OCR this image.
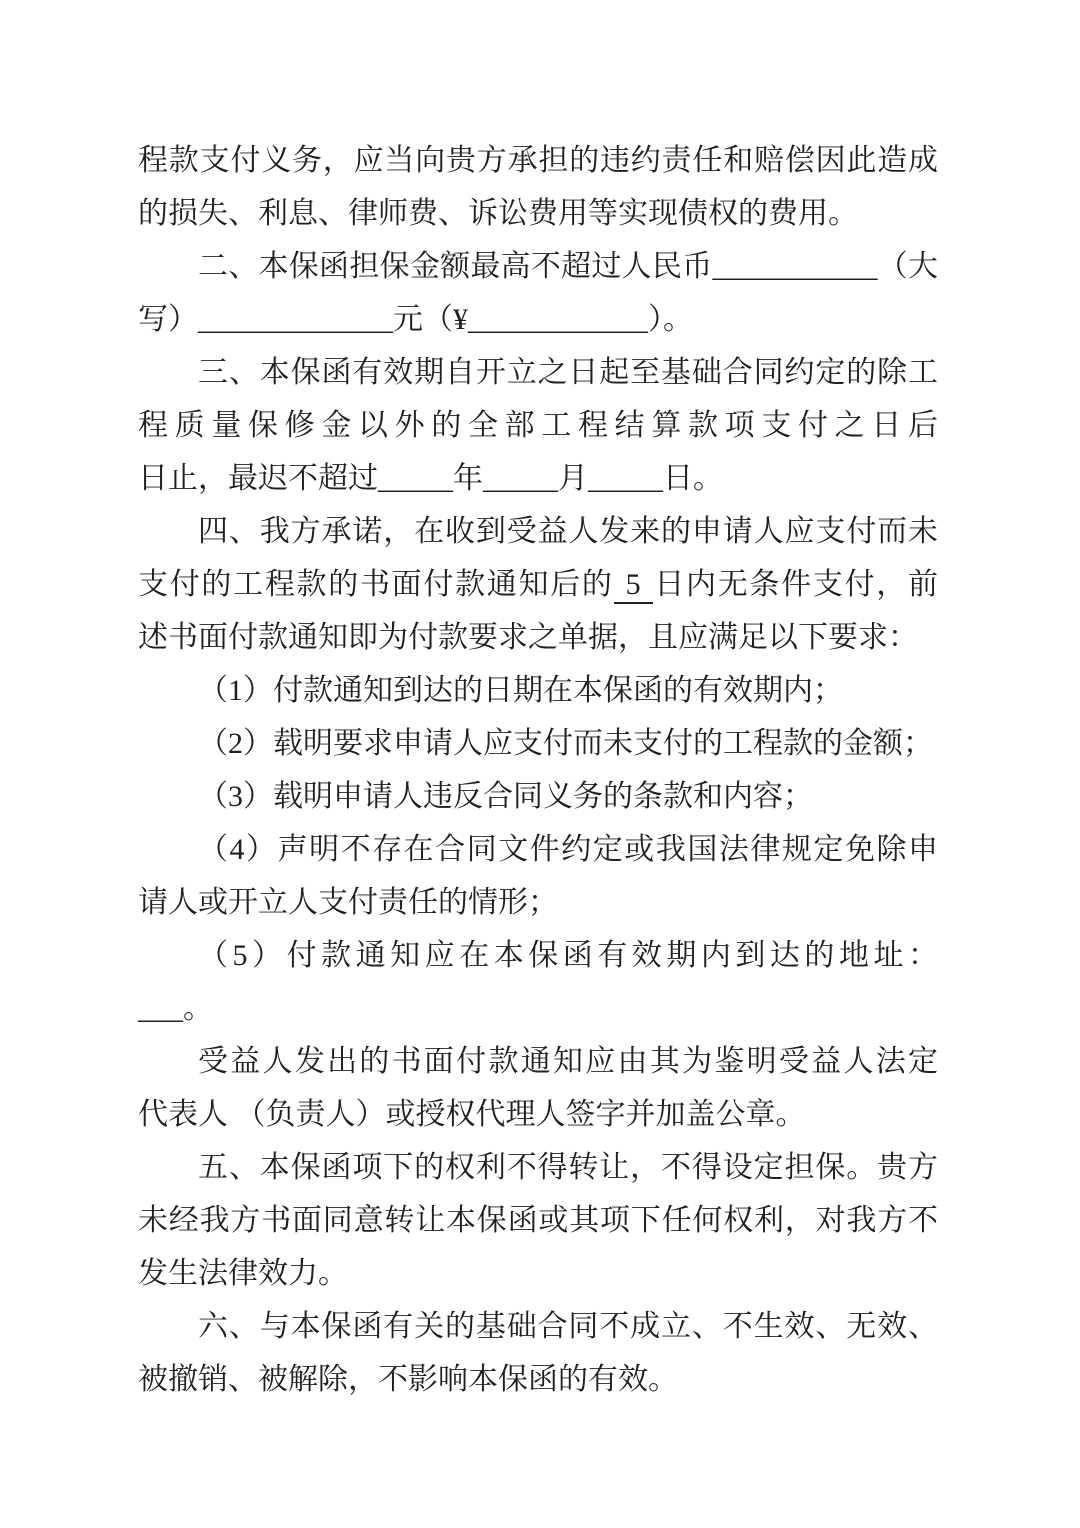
程款支付义务，应当向贵方承担的违约责任和赔偿因此造成
的损失、利息、律师费、诉讼费用等实现债权的费用。
二、本保函担保金额最高不超过人民币___________（大
写）_____________元（¥____________）。
三、本保函有效期自开立之日起至基础合同约定的除工
程质量保修金以外的全部工程结算款项支付之日后
日止，最迟不超过_____年_____月_____日。
四、我方承诺，在收到受益人发来的申请人应支付而未
支付的工程款的书面付款通知后的 5 日内无条件支付，前
述书面付款通知即为付款要求之单据，且应满足以下要求：
（1）付款通知到达的日期在本保函的有效期内；
（2）载明要求申请人应支付而未支付的工程款的金额；
（3）载明申请人违反合同义务的条款和内容；
（4）声明不存在合同文件约定或我国法律规定免除申
请人或开立人支付责任的情形；
（5）付款通知应在本保函有效期内到达的地址：
___。
受益人发出的书面付款通知应由其为鉴明受益人法定
代表人 （负责人）或授权代理人签字并加盖公章。
五、本保函项下的权利不得转让，不得设定担保。贵方
未经我方书面同意转让本保函或其项下任何权利，对我方不
发生法律效力。
六、与本保函有关的基础合同不成立、不生效、无效、
被撤销、被解除，不影响本保函的有效。
